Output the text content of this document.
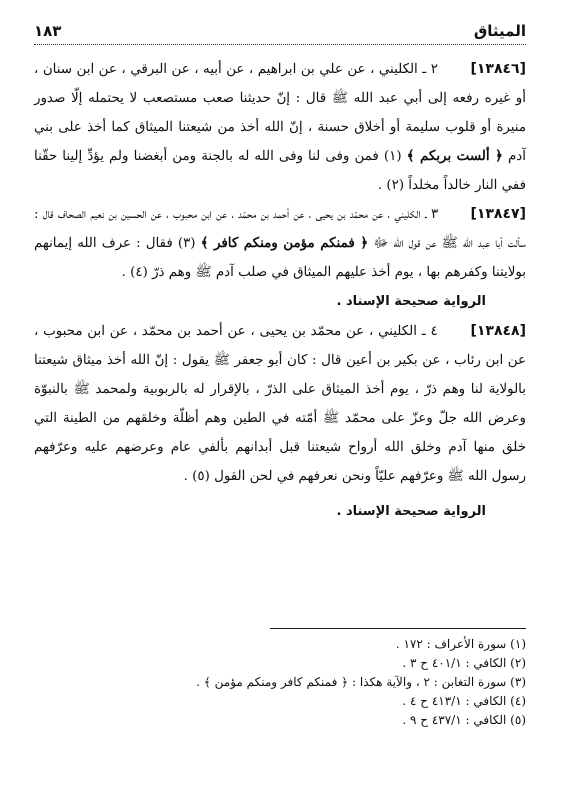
الميثاق
١٨٣

[١٣٨٤٦] ٢ ـ الكليني ، عن علي بن ابراهيم ، عن أبيه ، عن البرقي ، عن ابن سنان ، أو غيره رفعه إلى أبي عبد الله ﷺ قال : إنّ حديثنا صعب مستصعب لا يحتمله إلّا صدور منيرة أو قلوب سليمة أو أخلاق حسنة ، إنّ الله أخذ من شيعتنا الميثاق كما أخذ على بني آدم ﴿ ألست بربكم ﴾ (١) فمن وفى لنا وفى الله له بالجنة ومن أبغضنا ولم يؤدِّ إلينا حقّنا ففي النار خالداً مخلداً (٢) .

[١٣٨٤٧] ٣ ـ الكليني ، عن محمّد بن يحيى ، عن أحمد بن محمّد ، عن ابن محبوب ، عن الحسين بن نعيم الصحاف قال : سألت أبا عبد الله ﷺ عن قول الله ﷻ ﴿ فمنكم مؤمن ومنكم كافر ﴾ (٣) فقال : عرف الله إيمانهم بولايتنا وكفرهم بها ، يوم أخذ عليهم الميثاق في صلب آدم ﷺ وهم ذرّ (٤) .

الرواية صحيحة الإسناد .

[١٣٨٤٨] ٤ ـ الكليني ، عن محمّد بن يحيى ، عن أحمد بن محمّد ، عن ابن محبوب ، عن ابن رئاب ، عن بكير بن أعين قال : كان أبو جعفر ﷺ يقول : إنّ الله أخذ ميثاق شيعتنا بالولاية لنا وهم ذرّ ، يوم أخذ الميثاق على الذرّ ، بالإقرار له بالربوبية ولمحمد ﷺ بالنبوّة وعرض الله جلّ وعزّ على محمّد ﷺ أمّته في الطين وهم أظلّة وخلقهم من الطينة التي خلق منها آدم وخلق الله أرواح شيعتنا قبل أبدانهم بألفي عام وعرضهم عليه وعرّفهم رسول الله ﷺ وعرّفهم عليّاً ونحن نعرفهم في لحن القول (٥) .

الرواية صحيحة الإسناد .

(١) سورة الأعراف : ١٧٢ .

(٢) الكافي : ٤٠١/١ ح ٣ .

(٣) سورة التغابن : ٢ ، والآية هكذا : ﴿ فمنكم كافر ومنكم مؤمن ﴾ .

(٤) الكافي : ٤١٣/١ ح ٤ .

(٥) الكافي : ٤٣٧/١ ح ٩ .
